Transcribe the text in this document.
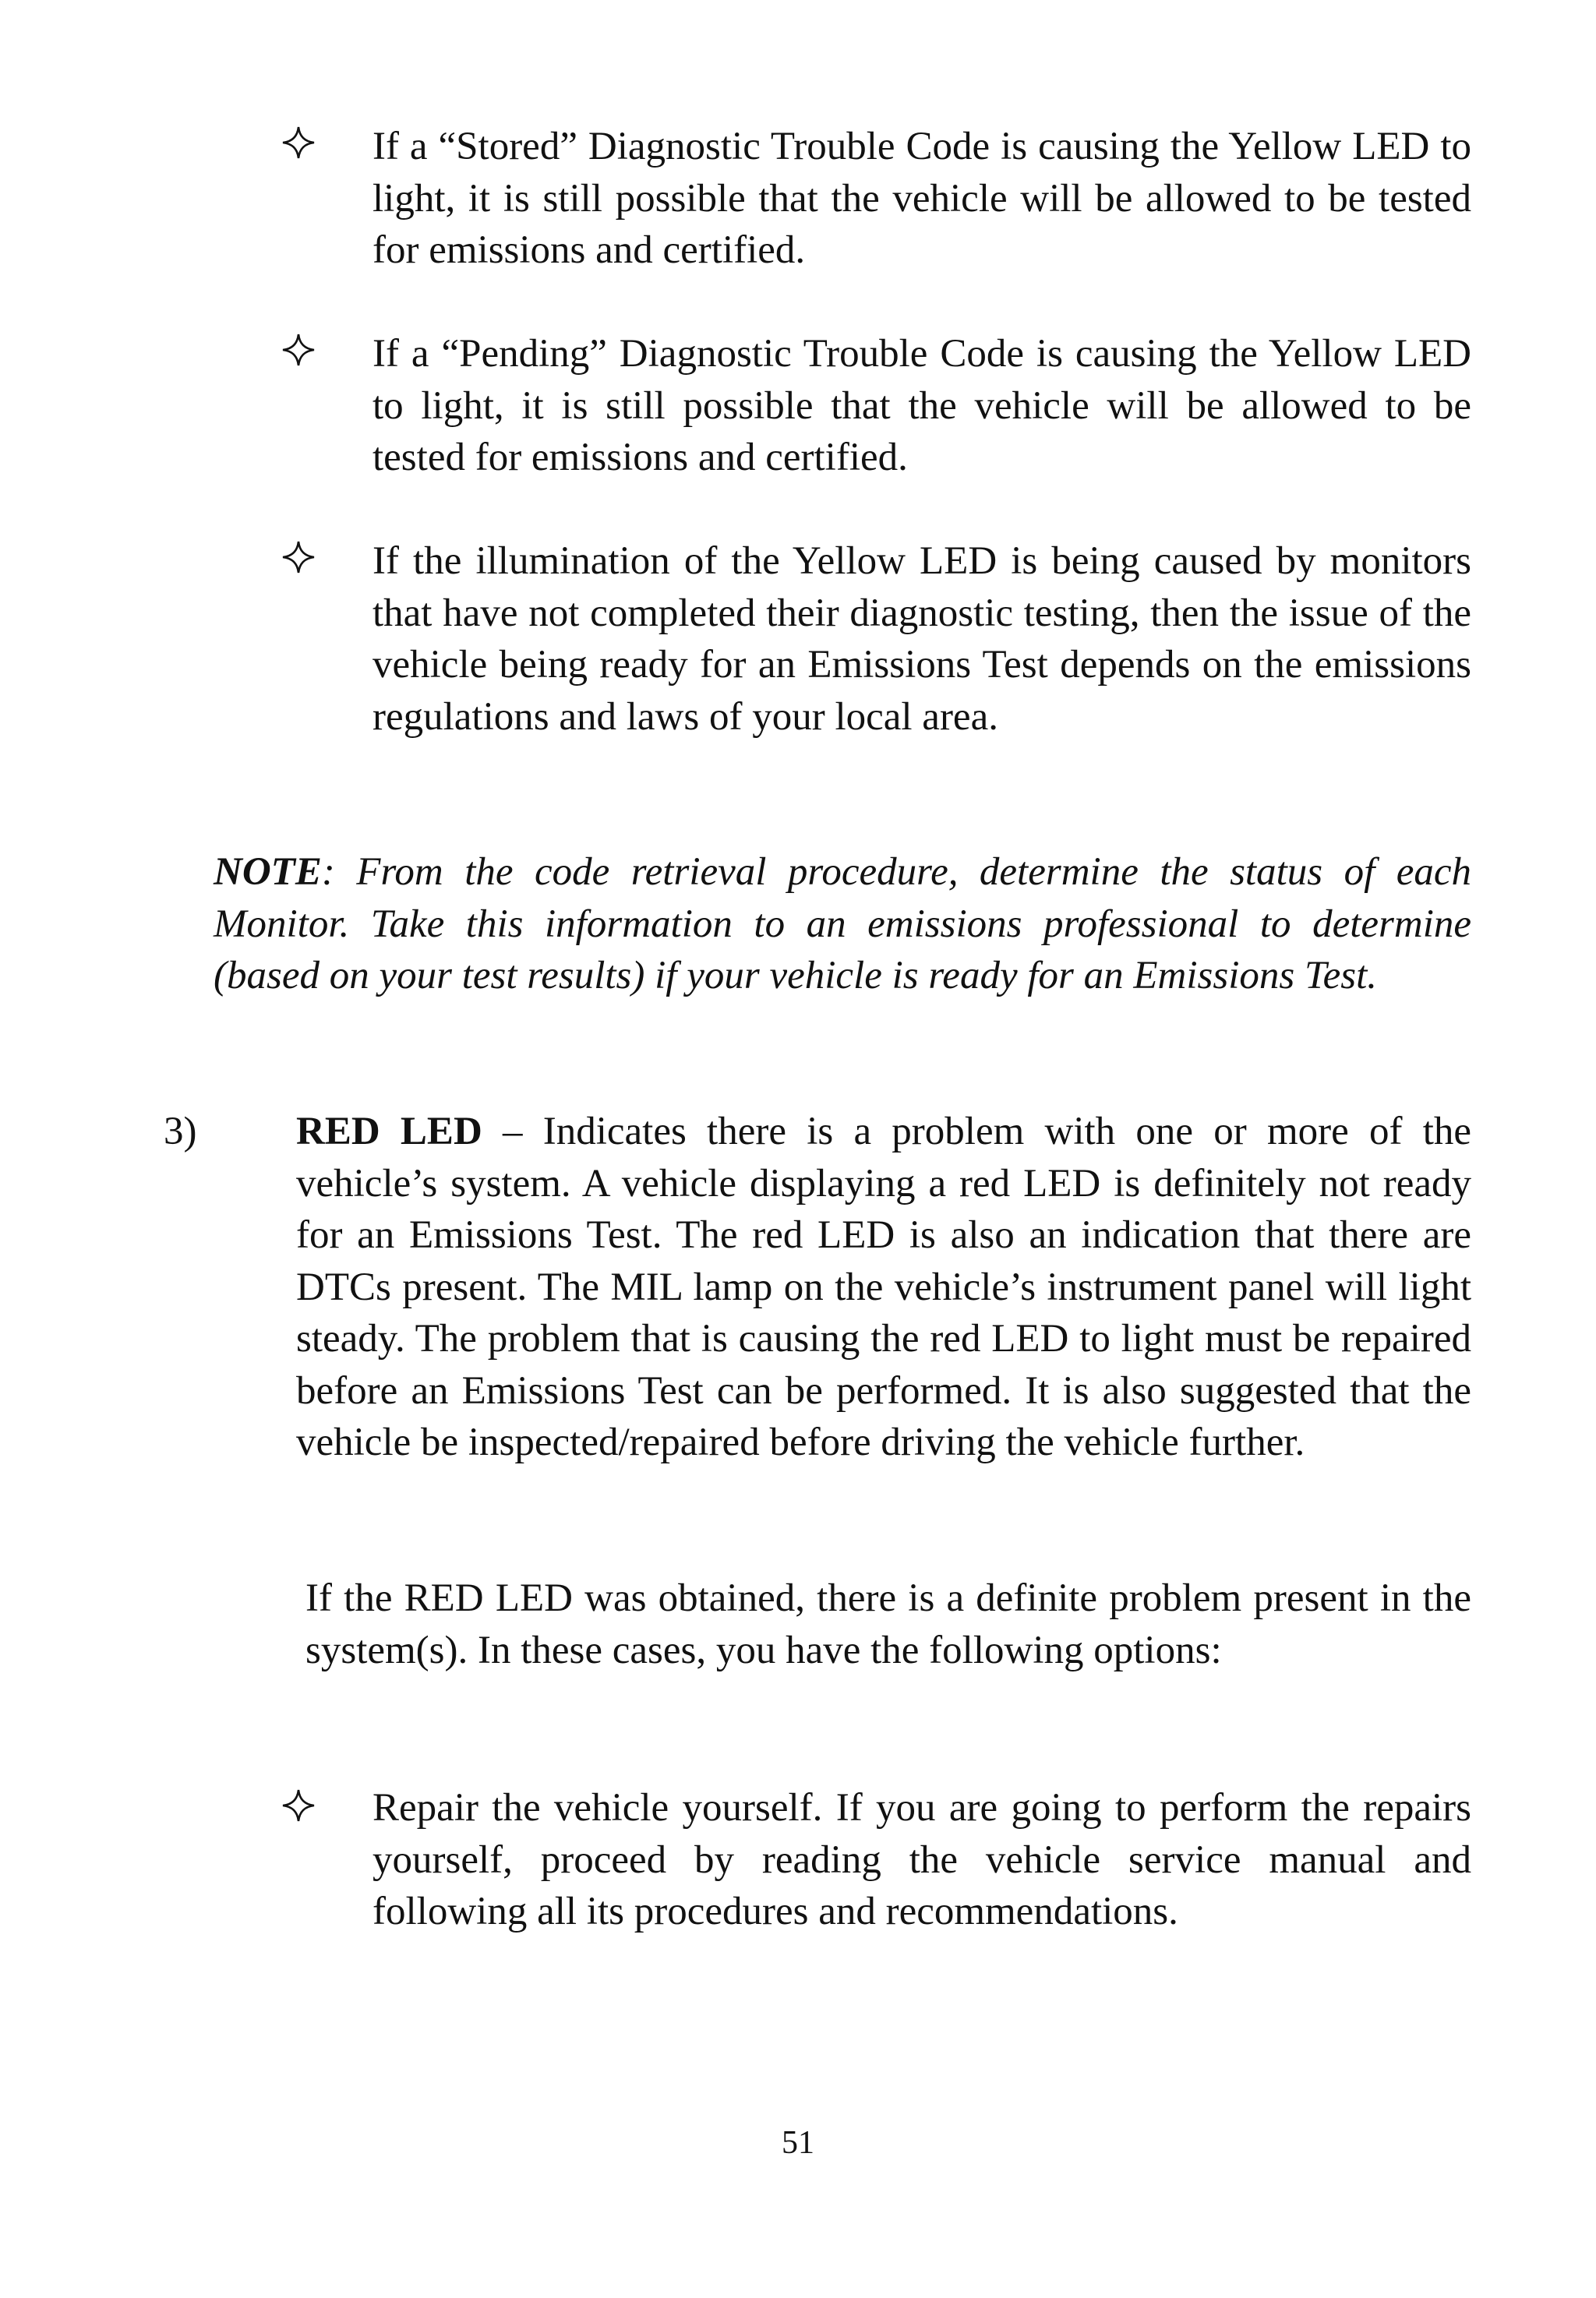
If a “Stored” Diagnostic Trouble Code is causing the Yellow LED to light, it is still possible that the vehicle will be allowed to be tested for emissions and certified.
If a “Pending” Diagnostic Trouble Code is causing the Yellow LED to light, it is still possible that the vehicle will be allowed to be tested for emissions and certified.
If the illumination of the Yellow LED is being caused by monitors that have not completed their diagnostic testing, then the issue of the vehicle being ready for an Emissions Test depends on the emissions regulations and laws of your local area.
NOTE: From the code retrieval procedure, determine the status of each Monitor. Take this information to an emissions professional to determine (based on your test results) if your vehicle is ready for an Emissions Test.
3)	RED LED – Indicates there is a problem with one or more of the vehicle’s system. A vehicle displaying a red LED is definitely not ready for an Emissions Test. The red LED is also an indication that there are DTCs present. The MIL lamp on the vehicle’s instrument panel will light steady. The problem that is causing the red LED to light must be repaired before an Emissions Test can be performed. It is also suggested that the vehicle be inspected/repaired before driving the vehicle further.
If the RED LED was obtained, there is a definite problem present in the system(s). In these cases, you have the following options:
Repair the vehicle yourself. If you are going to perform the repairs yourself, proceed by reading the vehicle service manual and following all its procedures and recommendations.
51
